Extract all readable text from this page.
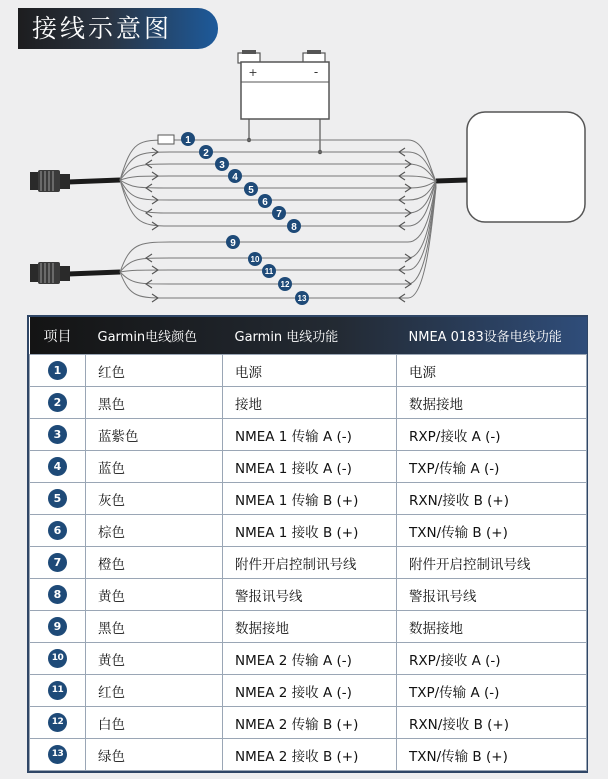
接线示意图
+	-
1
2
3
4
5
6
7
8
9
10
11
12
13
项目	Garmin电线颜色	Garmin 电线功能	NMEA 0183设备电线功能
1	红色	电源	电源
2	黑色	接地	数据接地
3	蓝紫色	NMEA 1 传输 A (-)	RXP/接收 A (-)
4	蓝色	NMEA 1 接收 A (-)	TXP/传输 A (-)
5	灰色	NMEA 1 传输 B (+)	RXN/接收 B (+)
6	棕色	NMEA 1 接收 B (+)	TXN/传输 B (+)
7	橙色	附件开启控制讯号线	附件开启控制讯号线
8	黄色	警报讯号线	警报讯号线
9	黑色	数据接地	数据接地
10	黄色	NMEA 2 传输 A (-)	RXP/接收 A (-)
11	红色	NMEA 2 接收 A (-)	TXP/传输 A (-)
12	白色	NMEA 2 传输 B (+)	RXN/接收 B (+)
13	绿色	NMEA 2 接收 B (+)	TXN/传输 B (+)
